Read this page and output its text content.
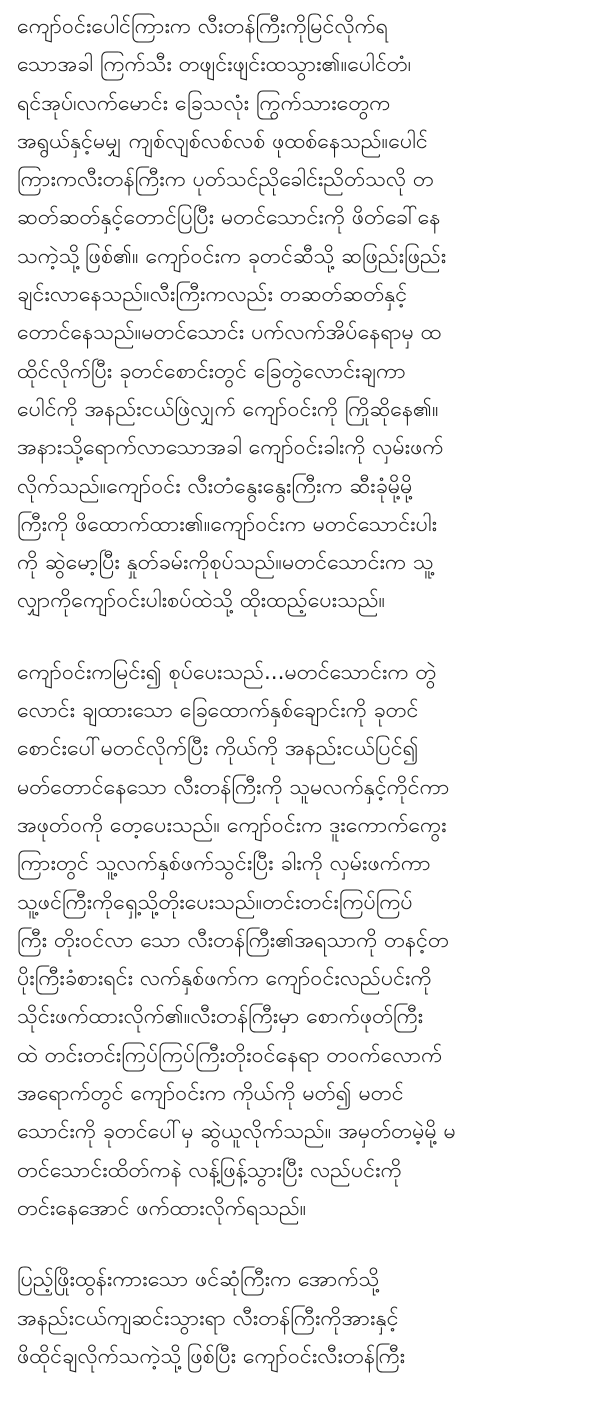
ကျော်ဝင်းပေါင်ကြားက လီးတန်ကြီးကိုမြင်လိုက်ရ
သောအခါ ကြက်သီး တဖျင်းဖျင်းထသွား၏။ပေါင်တံ၊
ရင်အုပ်၊လက်မောင်း ခြေသလုံး ကြွက်သားတွေက
အရွယ်နှင့်မမျှ ကျစ်လျစ်လစ်လစ် ဖုထစ်နေသည်။ပေါင်
ကြားကလီးတန်ကြီးက ပုတ်သင်ညိုခေါင်းညိတ်သလို တ
ဆတ်ဆတ်နှင့်တောင်ပြပြီး မတင်သောင်းကို ဖိတ်ခေါ်နေ
သကဲ့သို့ဖြစ်၏။ ကျော်ဝင်းက ခုတင်ဆီသို့ ဆဖြည်းဖြည်း
ချင်းလာနေသည်။လီးကြီးကလည်း တဆတ်ဆတ်နှင့်
တောင်နေသည်။မတင်သောင်း ပက်လက်အိပ်နေရာမှ ထ
ထိုင်လိုက်ပြီး ခုတင်စောင်းတွင် ခြေတွဲလောင်းချကာ
ပေါင်ကို အနည်းငယ်ဖြဲလျှက် ကျော်ဝင်းကို ကြိုဆိုနေ၏။
အနားသို့ရောက်လာသောအခါ ကျော်ဝင်းခါးကို လှမ်းဖက်
လိုက်သည်။ကျော်ဝင်း လီးတံနွေးနွေးကြီးက ဆီးခုံမို့မို့
ကြီးကို ဖိထောက်ထား၏။ကျော်ဝင်းက မတင်သောင်းပါး
ကို ဆွဲမော့ပြီး နှုတ်ခမ်းကိုစုပ်သည်။မတင်သောင်းက သူ့
လျှာကိုကျော်ဝင်းပါးစပ်ထဲသို့ ထိုးထည့်ပေးသည်။
ကျော်ဝင်းကမြင်း၍ စုပ်ပေးသည်...မတင်သောင်းက တွဲ
လောင်း ချထားသော ခြေထောက်နှစ်ချောင်းကို ခုတင်
စောင်းပေါ်မတင်လိုက်ပြီး ကိုယ်ကို အနည်းငယ်ပြင်၍
မတ်တောင်နေသော လီးတန်ကြီးကို သူမလက်နှင့်ကိုင်ကာ
အဖုတ်ဝကို တေ့ပေးသည်။ ကျော်ဝင်းက ဒူးကောက်ကွေး
ကြားတွင် သူ့လက်နှစ်ဖက်သွင်းပြီး ခါးကို လှမ်းဖက်ကာ
သူ့ဖင်ကြီးကိုရှေ့သို့တိုးပေးသည်။တင်းတင်းကြပ်ကြပ်
ကြီး တိုးဝင်လာ သော လီးတန်ကြီး၏အရသာကို တနင့်တ
ပိုးကြီးခံစားရင်း လက်နှစ်ဖက်က ကျော်ဝင်းလည်ပင်းကို
သိုင်းဖက်ထားလိုက်၏။လီးတန်ကြီးမှာ စောက်ဖုတ်ကြီး
ထဲ တင်းတင်းကြပ်ကြပ်ကြီးတိုးဝင်နေရာ တဝက်လောက်
အရောက်တွင် ကျော်ဝင်းက ကိုယ်ကို မတ်၍ မတင်
သောင်းကို ခုတင်ပေါ်မှ ဆွဲယူလိုက်သည်။ အမှတ်တမဲ့မို့ မ
တင်သောင်းထိတ်ကနဲ လန့်ဖြန့်သွားပြီး လည်ပင်းကို
တင်းနေအောင် ဖက်ထားလိုက်ရသည်။
ပြည့်ဖြိုးထွန်းကားသော ဖင်ဆုံကြီးက အောက်သို့
အနည်းငယ်ကျဆင်းသွားရာ လီးတန်ကြီးကိုအားနှင့်
ဖိထိုင်ချလိုက်သကဲ့သို့ဖြစ်ပြီး ကျော်ဝင်းလီးတန်ကြီး
